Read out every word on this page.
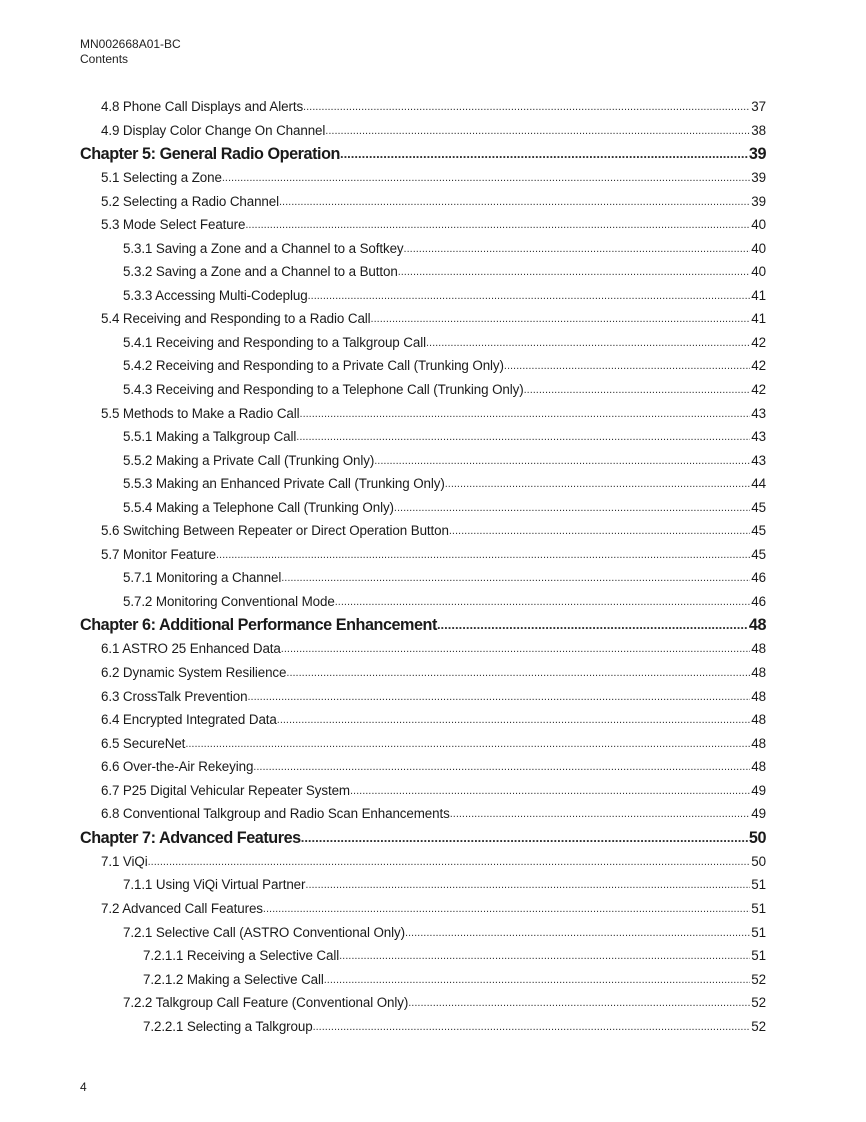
MN002668A01-BC
Contents
4.8 Phone Call Displays and Alerts .....	37
4.9 Display Color Change On Channel .....	38
Chapter 5: General Radio Operation .....	39
5.1 Selecting a Zone .....	39
5.2 Selecting a Radio Channel .....	39
5.3 Mode Select Feature .....	40
5.3.1 Saving a Zone and a Channel to a Softkey .....	40
5.3.2 Saving a Zone and a Channel to a Button .....	40
5.3.3 Accessing Multi-Codeplug .....	41
5.4 Receiving and Responding to a Radio Call .....	41
5.4.1 Receiving and Responding to a Talkgroup Call .....	42
5.4.2 Receiving and Responding to a Private Call (Trunking Only) .....	42
5.4.3 Receiving and Responding to a Telephone Call (Trunking Only) .....	42
5.5 Methods to Make a Radio Call .....	43
5.5.1 Making a Talkgroup Call .....	43
5.5.2 Making a Private Call (Trunking Only) .....	43
5.5.3 Making an Enhanced Private Call (Trunking Only) .....	44
5.5.4 Making a Telephone Call (Trunking Only) .....	45
5.6 Switching Between Repeater or Direct Operation Button .....	45
5.7 Monitor Feature .....	45
5.7.1 Monitoring a Channel .....	46
5.7.2 Monitoring Conventional Mode .....	46
Chapter 6: Additional Performance Enhancement .....	48
6.1 ASTRO 25 Enhanced Data .....	48
6.2 Dynamic System Resilience .....	48
6.3 CrossTalk Prevention .....	48
6.4 Encrypted Integrated Data .....	48
6.5 SecureNet .....	48
6.6 Over-the-Air Rekeying .....	48
6.7 P25 Digital Vehicular Repeater System .....	49
6.8 Conventional Talkgroup and Radio Scan Enhancements .....	49
Chapter 7: Advanced Features .....	50
7.1 ViQi .....	50
7.1.1 Using ViQi Virtual Partner .....	51
7.2 Advanced Call Features .....	51
7.2.1 Selective Call (ASTRO Conventional Only) .....	51
7.2.1.1 Receiving a Selective Call .....	51
7.2.1.2 Making a Selective Call .....	52
7.2.2 Talkgroup Call Feature (Conventional Only) .....	52
7.2.2.1 Selecting a Talkgroup .....	52
4
